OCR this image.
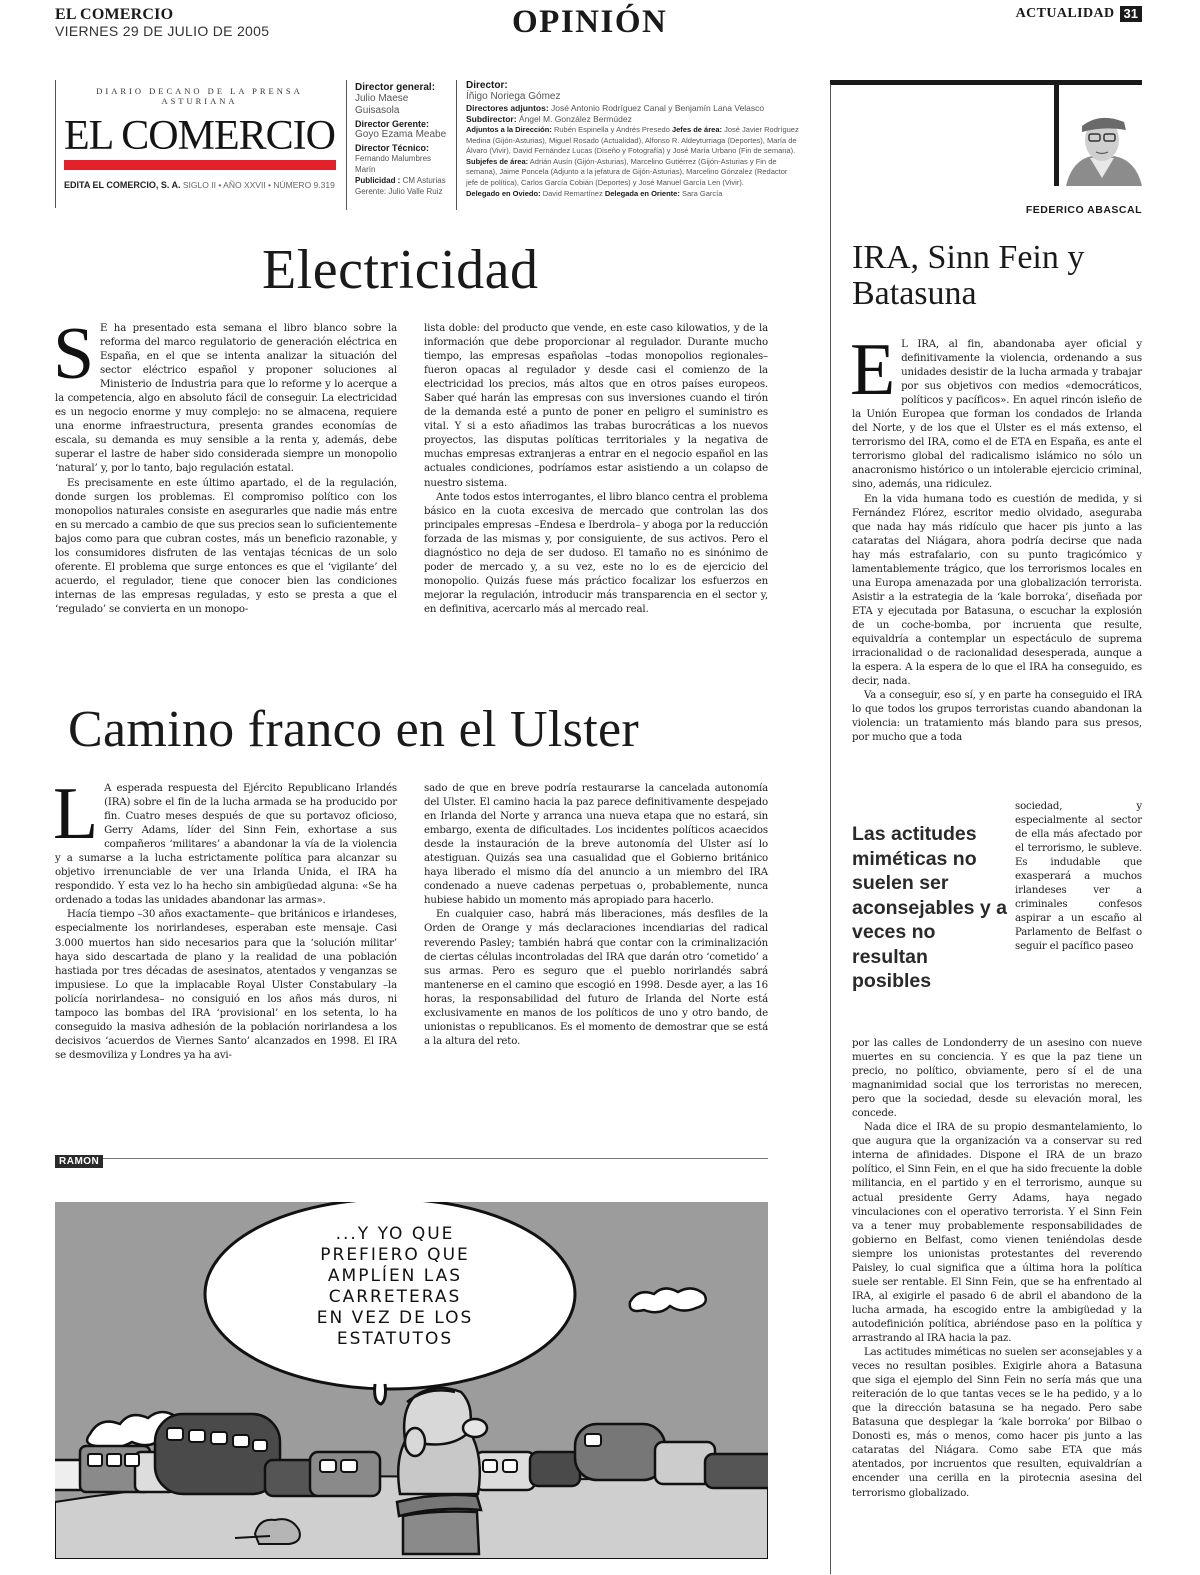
EL COMERCIO
VIERNES 29 DE JULIO DE 2005	OPINIÓN	ACTUALIDAD 31
DIARIO DECANO DE LA PRENSA ASTURIANA
EL COMERCIO
EDITA EL COMERCIO, S. A. SIGLO II • AÑO XXVII • NÚMERO 9.319
Director general:
Julio Maese Guisasola
Director Gerente:
Goyo Ezama Meabe
Director Técnico:
Fernando Malumbres Marín
Publicidad : CM Asturias
Gerente: Julio Valle Ruiz
Director:
Íñigo Noriega Gómez
Directores adjuntos: José Antonio Rodríguez Canal y Benjamín Lana Velasco
Subdirector: Ángel M. González Bermúdez
Adjuntos a la Dirección: Rubén Espinella y Andrés Presedo Jefes de área: José Javier Rodríguez Medina (Gijón-Asturias), Miguel Rosado (Actualidad), Alfonso R. Aldeyturriaga (Deportes), María de Álvaro (Vivir), David Fernández Lucas (Diseño y Fotografía) y José María Urbano (Fin de semana).
Subjefes de área: Adrián Ausín (Gijón-Asturias), Marcelino Gutiérrez (Gijón-Asturias y Fin de semana), Jaime Poncela (Adjunto a la jefatura de Gijón-Asturias), Marcelino Gónzalez (Redactor jefe de política), Carlos García Cobián (Deportes) y José Manuel García Len (Vivir).
Delegado en Oviedo: David Remartínez Delegada en Oriente: Sara García
Electricidad

S E ha presentado esta semana el libro blanco sobre la reforma del marco regulatorio de generación eléctrica en España, en el que se intenta analizar la situación del sector eléctrico español y proponer soluciones al Ministerio de Industria para que lo reforme y lo acerque a la competencia, algo en absoluto fácil de conseguir. La electricidad es un negocio enorme y muy complejo: no se almacena, requiere una enorme infraestructura, presenta grandes economías de escala, su demanda es muy sensible a la renta y, además, debe superar el lastre de haber sido considerada siempre un monopolio ‘natural’ y, por lo tanto, bajo regulación estatal.

Es precisamente en este último apartado, el de la regulación, donde surgen los problemas. El compromiso político con los monopolios naturales consiste en asegurarles que nadie más entre en su mercado a cambio de que sus precios sean lo suficientemente bajos como para que cubran costes, más un beneficio razonable, y los consumidores disfruten de las ventajas técnicas de un solo oferente. El problema que surge entonces es que el ‘vigilante’ del acuerdo, el regulador, tiene que conocer bien las condiciones internas de las empresas reguladas, y esto se presta a que el ‘regulado’ se convierta en un monopo-

lista doble: del producto que vende, en este caso kilowatios, y de la información que debe proporcionar al regulador. Durante mucho tiempo, las empresas españolas –todas monopolios regionales– fueron opacas al regulador y desde casi el comienzo de la electricidad los precios, más altos que en otros países europeos. Saber qué harán las empresas con sus inversiones cuando el tirón de la demanda esté a punto de poner en peligro el suministro es vital. Y si a esto añadimos las trabas burocráticas a los nuevos proyectos, las disputas políticas territoriales y la negativa de muchas empresas extranjeras a entrar en el negocio español en las actuales condiciones, podríamos estar asistiendo a un colapso de nuestro sistema.

Ante todos estos interrogantes, el libro blanco centra el problema básico en la cuota excesiva de mercado que controlan las dos principales empresas –Endesa e Iberdrola– y aboga por la reducción forzada de las mismas y, por consiguiente, de sus activos. Pero el diagnóstico no deja de ser dudoso. El tamaño no es sinónimo de poder de mercado y, a su vez, este no lo es de ejercicio del monopolio. Quizás fuese más práctico focalizar los esfuerzos en mejorar la regulación, introducir más transparencia en el sector y, en definitiva, acercarlo más al mercado real.

Camino franco en el Ulster

L A esperada respuesta del Ejército Republicano Irlandés (IRA) sobre el fin de la lucha armada se ha producido por fin. Cuatro meses después de que su portavoz oficioso, Gerry Adams, líder del Sinn Fein, exhortase a sus compañeros ‘militares’ a abandonar la vía de la violencia y a sumarse a la lucha estrictamente política para alcanzar su objetivo irrenunciable de ver una Irlanda Unida, el IRA ha respondido. Y esta vez lo ha hecho sin ambigüedad alguna: «Se ha ordenado a todas las unidades abandonar las armas».

Hacía tiempo –30 años exactamente– que británicos e irlandeses, especialmente los norirlandeses, esperaban este mensaje. Casi 3.000 muertos han sido necesarios para que la ‘solución militar’ haya sido descartada de plano y la realidad de una población hastiada por tres décadas de asesinatos, atentados y venganzas se impusiese. Lo que la implacable Royal Ulster Constabulary –la policía norirlandesa– no consiguió en los años más duros, ni tampoco las bombas del IRA ‘provisional’ en los setenta, lo ha conseguido la masiva adhesión de la población norirlandesa a los decisivos ‘acuerdos de Viernes Santo’ alcanzados en 1998. El IRA se desmoviliza y Londres ya ha avi-

sado de que en breve podría restaurarse la cancelada autonomía del Ulster. El camino hacia la paz parece definitivamente despejado en Irlanda del Norte y arranca una nueva etapa que no estará, sin embargo, exenta de dificultades. Los incidentes políticos acaecidos desde la instauración de la breve autonomía del Ulster así lo atestiguan. Quizás sea una casualidad que el Gobierno británico haya liberado el mismo día del anuncio a un miembro del IRA condenado a nueve cadenas perpetuas o, probablemente, nunca hubiese habido un momento más apropiado para hacerlo.

En cualquier caso, habrá más liberaciones, más desfiles de la Orden de Orange y más declaraciones incendiarias del radical reverendo Pasley; también habrá que contar con la criminalización de ciertas células incontroladas del IRA que darán otro ‘cometido’ a sus armas. Pero es seguro que el pueblo norirlandés sabrá mantenerse en el camino que escogió en 1998. Desde ayer, a las 16 horas, la responsabilidad del futuro de Irlanda del Norte está exclusivamente en manos de los políticos de uno y otro bando, de unionistas o republicanos. Es el momento de demostrar que se está a la altura del reto.

RAMON
...Y YO QUE
PREFIERO QUE
AMPLÍEN LAS
CARRETERAS
EN VEZ DE LOS
ESTATUTOS
FEDERICO ABASCAL
IRA, Sinn Fein y Batasuna

E L IRA, al fin, abandonaba ayer oficial y definitivamente la violencia, ordenando a sus unidades desistir de la lucha armada y trabajar por sus objetivos con medios «democráticos, políticos y pacíficos». En aquel rincón isleño de la Unión Europea que forman los condados de Irlanda del Norte, y de los que el Ulster es el más extenso, el terrorismo del IRA, como el de ETA en España, es ante el terrorismo global del radicalismo islámico no sólo un anacronismo histórico o un intolerable ejercicio criminal, sino, además, una ridiculez.

En la vida humana todo es cuestión de medida, y si Fernández Flórez, escritor medio olvidado, aseguraba que nada hay más ridículo que hacer pis junto a las cataratas del Niágara, ahora podría decirse que nada hay más estrafalario, con su punto tragicómico y lamentablemente trágico, que los terrorismos locales en una Europa amenazada por una globalización terrorista. Asistir a la estrategia de la ‘kale borroka’, diseñada por ETA y ejecutada por Batasuna, o escuchar la explosión de un coche-bomba, por incruenta que resulte, equivaldría a contemplar un espectáculo de suprema irracionalidad o de racionalidad desesperada, aunque a la espera. A la espera de lo que el IRA ha conseguido, es decir, nada.

Va a conseguir, eso sí, y en parte ha conseguido el IRA lo que todos los grupos terroristas cuando abandonan la violencia: un tratamiento más blando para sus presos, por mucho que a toda

Las actitudes miméticas no suelen ser aconsejables y a veces no resultan posibles

sociedad, y especialmente al sector de ella más afectado por el terrorismo, le subleve. Es indudable que exasperará a muchos irlandeses ver a criminales confesos aspirar a un escaño al Parlamento de Belfast o seguir el pacífico paseo

por las calles de Londonderry de un asesino con nueve muertes en su conciencia. Y es que la paz tiene un precio, no político, obviamente, pero sí el de una magnanimidad social que los terroristas no merecen, pero que la sociedad, desde su elevación moral, les concede.

Nada dice el IRA de su propio desmantelamiento, lo que augura que la organización va a conservar su red interna de afinidades. Dispone el IRA de un brazo político, el Sinn Fein, en el que ha sido frecuente la doble militancia, en el partido y en el terrorismo, aunque su actual presidente Gerry Adams, haya negado vinculaciones con el operativo terrorista. Y el Sinn Fein va a tener muy probablemente responsabilidades de gobierno en Belfast, como vienen teniéndolas desde siempre los unionistas protestantes del reverendo Paisley, lo cual significa que a última hora la política suele ser rentable. El Sinn Fein, que se ha enfrentado al IRA, al exigirle el pasado 6 de abril el abandono de la lucha armada, ha escogido entre la ambigüedad y la autodefinición política, abriéndose paso en la política y arrastrando al IRA hacia la paz.

Las actitudes miméticas no suelen ser aconsejables y a veces no resultan posibles. Exigirle ahora a Batasuna que siga el ejemplo del Sinn Fein no sería más que una reiteración de lo que tantas veces se le ha pedido, y a lo que la dirección batasuna se ha negado. Pero sabe Batasuna que desplegar la ‘kale borroka’ por Bilbao o Donosti es, más o menos, como hacer pis junto a las cataratas del Niágara. Como sabe ETA que más atentados, por incruentos que resulten, equivaldrían a encender una cerilla en la pirotecnia asesina del terrorismo globalizado.
